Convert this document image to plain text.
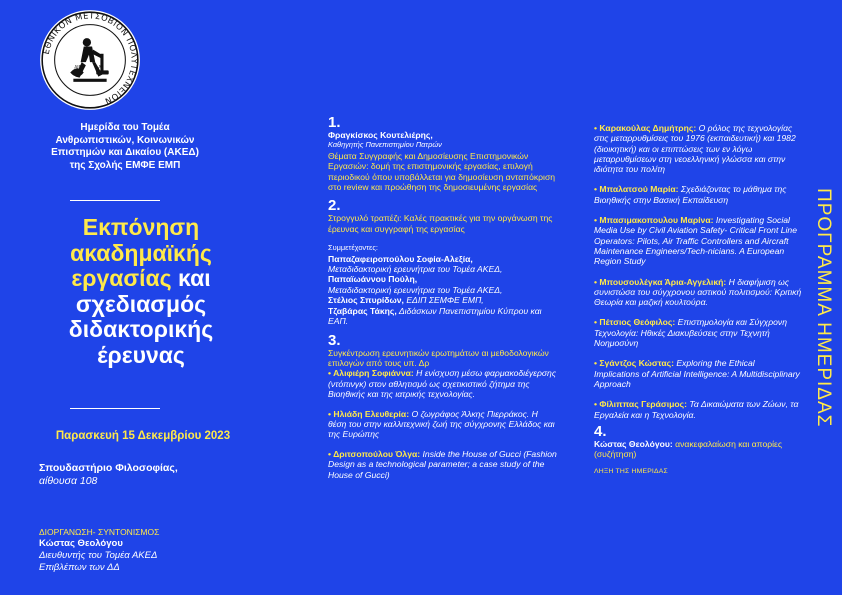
ΕΘΝΙΚΟΝ ΜΕΤΣΟΒΙΟΝ ΠΟΛΥΤΕΧΝΕΙΟΝ
ΑΙΕΝ	ΑΡ
Ημερίδα του Τομέα
Ανθρωπιστικών, Κοινωνικών
Επιστημών και Δικαίου (ΑΚΕΔ)
της Σχολής ΕΜΦΕ ΕΜΠ
Εκπόνηση
ακαδημαϊκής
εργασίας και
σχεδιασμός
διδακτορικής
έρευνας
Παρασκευή 15 Δεκεμβρίου 2023
Σπουδαστήριο Φιλοσοφίας,
αίθουσα 108
ΔΙΟΡΓΑΝΩΣΗ- ΣΥΝΤΟΝΙΣΜΟΣ
Κώστας Θεολόγου
Διευθυντής του Τομέα ΑΚΕΔ
Επιβλέπων των ΔΔ
1.
Φραγκίσκος Κουτελιέρης,
Καθηγητής Πανεπιστημίου Πατρών
Θέματα Συγγραφής και Δημοσίευσης Επιστημονικών Εργασιών: δομή της επιστημονικής εργασίας, επιλογή περιοδικού όπου υποβάλλεται για δημοσίευση ανταπόκριση στο review και προώθηση της δημοσιευμένης εργασίας
2.
Στρογγυλό τραπέζι: Καλές πρακτικές για την οργάνωση της έρευνας και συγγραφή της εργασίας
Συμμετέχοντες:
Παπαζαφειροπούλου Σοφία-Αλεξία,
Μεταδιδακτορική ερευνήτρια του Τομέα ΑΚΕΔ,
Παπαϊωάννου Πούλη,
Μεταδιδακτορική ερευνήτρια του Τομέα ΑΚΕΔ,
Στέλιος Σπυρίδων, ΕΔΙΠ ΣΕΜΦΕ ΕΜΠ,
Τζαβάρας Τάκης, Διδάσκων Πανεπιστημίου Κύπρου και ΕΑΠ.
3.
Συγκέντρωση ερευνητικών ερωτημάτων αι μεθοδολογικών επιλογών από τους υπ. Δρ
• Αλιφιέρη Σοφιάννα: Η ενίσχυση μέσω φαρμακοδιέγερσης (ντόπινγκ) στον αθλητισμό ως σχετικιστικό ζήτημα της Βιοηθικής και της ιατρικής τεχνολογίας.
• Ηλιάδη Ελευθερία: Ο ζωγράφος Άλκης Πιερράκος. Η θέση του στην καλλιτεχνική ζωή της σύγχρονης Ελλάδος και της Ευρώπης
• Δριτσοπούλου Όλγα: Inside the House of Gucci (Fashion Design as a technological parameter; a case study of the House of Gucci)
• Καρακούλας Δημήτρης: Ο ρόλος της τεχνολογίας στις μεταρρυθμίσεις του 1976 (εκπαιδευτική) και 1982 (διοικητική) και οι επιπτώσεις των εν λόγω μεταρρυθμίσεων στη νεοελληνική γλώσσα και στην ιδιότητα του πολίτη
• Μπαλατσού Μαρία: Σχεδιάζοντας το μάθημα της Βιοηθικής στην Βασική Εκπαίδευση
• Μπασιμακοπουλου Μαρίνα: Investigating Social Media Use by Civil Aviation Safety- Critical Front Line Operators: Pilots, Air Traffic Controllers and Aircraft Maintenance Engineers/Tech-nicians. A European Region Study
• Μπουσουλέγκα Άρια-Αγγελική: Η διαφήμιση ως συνιστώσα του σύγχρονου αστικού πολιτισμού: Κριτική Θεωρία και μαζική κουλτούρα.
• Πέτσιος Θεόφιλος: Επιστημολογία και Σύγχρονη Τεχνολογία: Ηθικές Διακυβεύσεις στην Τεχνητή Νοημοσύνη
• Σγάντζος Κώστας: Exploring the Ethical Implications of Artificial Intelligence: A Multidisciplinary Approach
• Φίλιππας Γεράσιμος: Τα Δικαιώματα των Ζώων, τα Εργαλεία και η Τεχνολογία.
4.
Κώστας Θεολόγου: ανακεφαλαίωση και απορίες (συζήτηση)
ΛΗΞΗ ΤΗΣ ΗΜΕΡΙΔΑΣ
ΠΡΟΓΡΑΜΜΑ ΗΜΕΡΙΔΑΣ
